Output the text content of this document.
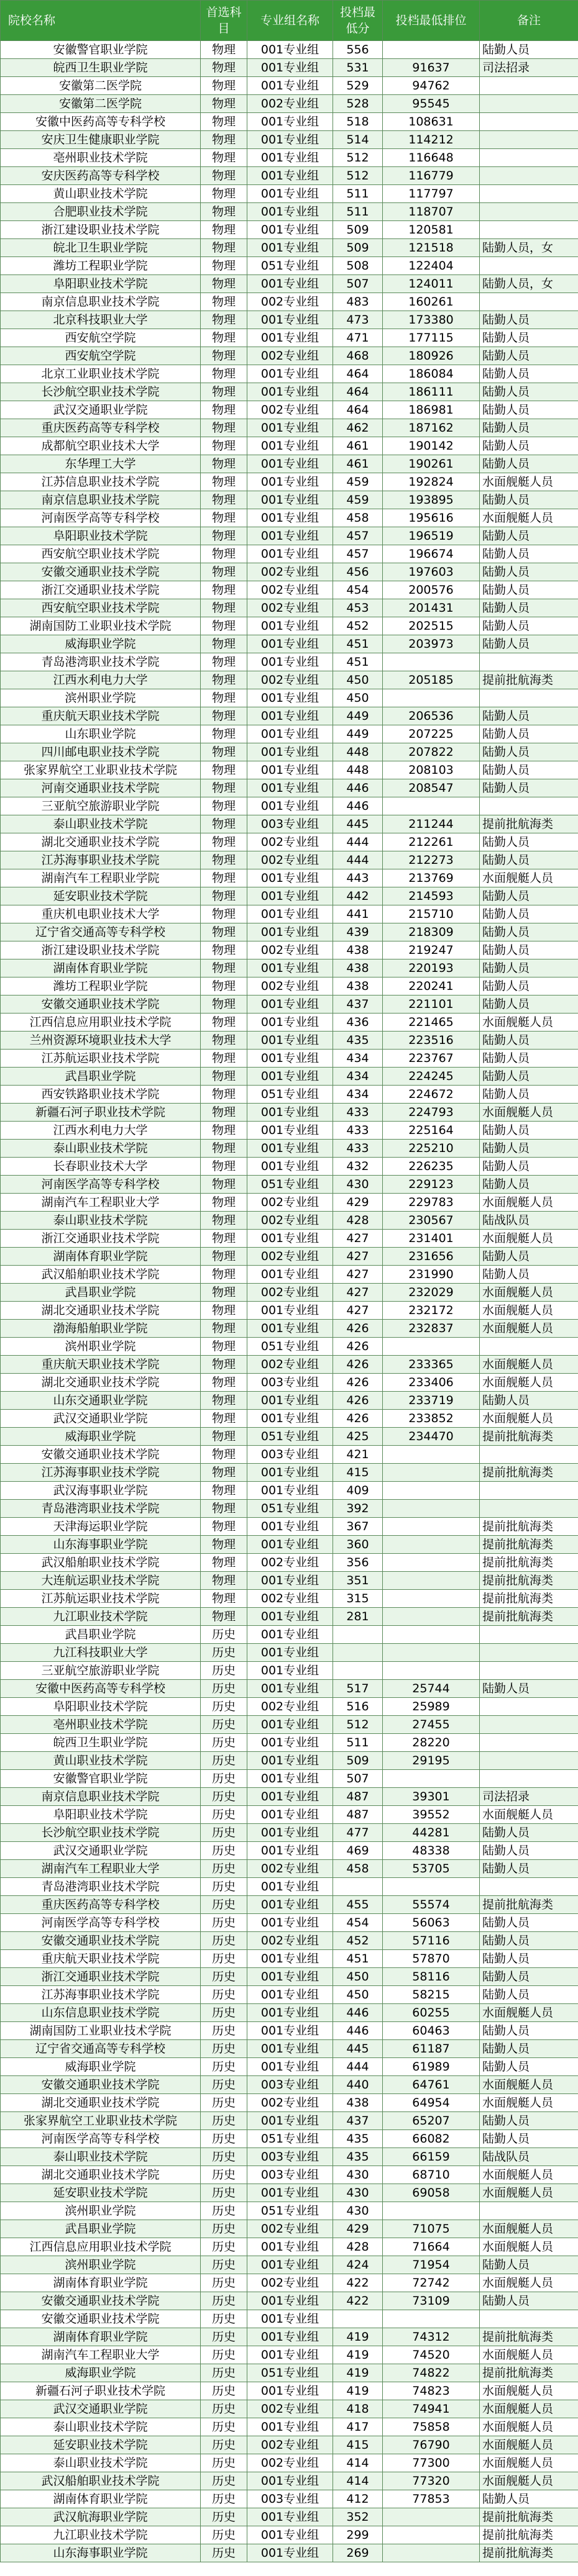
院校名称	首选科目	专业组名称	投档最低分	投档最低排位	备注
安徽警官职业学院	物理	001专业组	556		陆勤人员
皖西卫生职业学院	物理	001专业组	531	91637	司法招录
安徽第二医学院	物理	001专业组	529	94762	
安徽第二医学院	物理	002专业组	528	95545	
安徽中医药高等专科学校	物理	001专业组	518	108631	
安庆卫生健康职业学院	物理	001专业组	514	114212	
亳州职业技术学院	物理	001专业组	512	116648	
安庆医药高等专科学校	物理	001专业组	512	116779	
黄山职业技术学院	物理	001专业组	511	117797	
合肥职业技术学院	物理	001专业组	511	118707	
浙江建设职业技术学院	物理	001专业组	509	120581	
皖北卫生职业学院	物理	001专业组	509	121518	陆勤人员，女
潍坊工程职业学院	物理	051专业组	508	122404	
阜阳职业技术学院	物理	001专业组	507	124011	陆勤人员，女
南京信息职业技术学院	物理	002专业组	483	160261	
北京科技职业大学	物理	001专业组	473	173380	陆勤人员
西安航空学院	物理	001专业组	471	177115	陆勤人员
西安航空学院	物理	002专业组	468	180926	陆勤人员
北京工业职业技术学院	物理	001专业组	464	186084	陆勤人员
长沙航空职业技术学院	物理	001专业组	464	186111	陆勤人员
武汉交通职业学院	物理	002专业组	464	186981	陆勤人员
重庆医药高等专科学校	物理	001专业组	462	187162	陆勤人员
成都航空职业技术大学	物理	001专业组	461	190142	陆勤人员
东华理工大学	物理	001专业组	461	190261	陆勤人员
江苏信息职业技术学院	物理	001专业组	459	192824	水面舰艇人员
南京信息职业技术学院	物理	001专业组	459	193895	陆勤人员
河南医学高等专科学校	物理	001专业组	458	195616	水面舰艇人员
阜阳职业技术学院	物理	001专业组	457	196519	陆勤人员
西安航空职业技术学院	物理	001专业组	457	196674	陆勤人员
安徽交通职业技术学院	物理	002专业组	456	197603	陆勤人员
浙江交通职业技术学院	物理	002专业组	454	200576	陆勤人员
西安航空职业技术学院	物理	002专业组	453	201431	陆勤人员
湖南国防工业职业技术学院	物理	001专业组	452	202515	陆勤人员
威海职业学院	物理	001专业组	451	203973	陆勤人员
青岛港湾职业技术学院	物理	001专业组	451		
江西水利电力大学	物理	002专业组	450	205185	提前批航海类
滨州职业学院	物理	001专业组	450		
重庆航天职业技术学院	物理	001专业组	449	206536	陆勤人员
山东职业学院	物理	001专业组	449	207225	陆勤人员
四川邮电职业技术学院	物理	001专业组	448	207822	陆勤人员
张家界航空工业职业技术学院	物理	001专业组	448	208103	陆勤人员
河南交通职业技术学院	物理	001专业组	446	208547	陆勤人员
三亚航空旅游职业学院	物理	001专业组	446		
泰山职业技术学院	物理	003专业组	445	211244	提前批航海类
湖北交通职业技术学院	物理	002专业组	444	212261	陆勤人员
江苏海事职业技术学院	物理	002专业组	444	212273	陆勤人员
湖南汽车工程职业学院	物理	001专业组	443	213769	水面舰艇人员
延安职业技术学院	物理	001专业组	442	214593	陆勤人员
重庆机电职业技术大学	物理	001专业组	441	215710	陆勤人员
辽宁省交通高等专科学校	物理	001专业组	439	218309	陆勤人员
浙江建设职业技术学院	物理	002专业组	438	219247	陆勤人员
湖南体育职业学院	物理	001专业组	438	220193	陆勤人员
潍坊工程职业学院	物理	002专业组	438	220241	陆勤人员
安徽交通职业技术学院	物理	001专业组	437	221101	陆勤人员
江西信息应用职业技术学院	物理	001专业组	436	221465	水面舰艇人员
兰州资源环境职业技术大学	物理	001专业组	435	223516	陆勤人员
江苏航运职业技术学院	物理	001专业组	434	223767	陆勤人员
武昌职业学院	物理	001专业组	434	224245	陆勤人员
西安铁路职业技术学院	物理	051专业组	434	224672	陆勤人员
新疆石河子职业技术学院	物理	001专业组	433	224793	水面舰艇人员
江西水利电力大学	物理	001专业组	433	225164	陆勤人员
泰山职业技术学院	物理	001专业组	433	225210	陆勤人员
长春职业技术大学	物理	001专业组	432	226235	陆勤人员
河南医学高等专科学校	物理	051专业组	430	229123	陆勤人员
湖南汽车工程职业大学	物理	002专业组	429	229783	水面舰艇人员
泰山职业技术学院	物理	002专业组	428	230567	陆战队员
浙江交通职业技术学院	物理	001专业组	427	231401	水面舰艇人员
湖南体育职业学院	物理	002专业组	427	231656	陆勤人员
武汉船舶职业技术学院	物理	001专业组	427	231990	陆勤人员
武昌职业学院	物理	002专业组	427	232029	水面舰艇人员
湖北交通职业技术学院	物理	001专业组	427	232172	水面舰艇人员
渤海船舶职业学院	物理	001专业组	426	232837	水面舰艇人员
滨州职业学院	物理	051专业组	426		
重庆航天职业技术学院	物理	002专业组	426	233365	水面舰艇人员
湖北交通职业技术学院	物理	003专业组	426	233406	水面舰艇人员
山东交通职业学院	物理	001专业组	426	233719	陆勤人员
武汉交通职业学院	物理	001专业组	426	233852	水面舰艇人员
威海职业学院	物理	051专业组	425	234470	提前批航海类
安徽交通职业技术学院	物理	003专业组	421		
江苏海事职业技术学院	物理	001专业组	415		提前批航海类
武汉海事职业学院	物理	001专业组	409		
青岛港湾职业技术学院	物理	051专业组	392		
天津海运职业学院	物理	001专业组	367		提前批航海类
山东海事职业学院	物理	001专业组	360		提前批航海类
武汉船舶职业技术学院	物理	002专业组	356		提前批航海类
大连航运职业技术学院	物理	001专业组	351		提前批航海类
江苏航运职业技术学院	物理	002专业组	315		提前批航海类
九江职业技术学院	物理	001专业组	281		提前批航海类
武昌职业学院	历史	001专业组			
九江科技职业大学	历史	001专业组			
三亚航空旅游职业学院	历史	001专业组			
安徽中医药高等专科学校	历史	001专业组	517	25744	陆勤人员
阜阳职业技术学院	历史	002专业组	516	25989	
亳州职业技术学院	历史	001专业组	512	27455	
皖西卫生职业学院	历史	001专业组	511	28220	
黄山职业技术学院	历史	001专业组	509	29195	
安徽警官职业学院	历史	001专业组	507		
南京信息职业技术学院	历史	001专业组	487	39301	司法招录
阜阳职业技术学院	历史	001专业组	487	39552	水面舰艇人员
长沙航空职业技术学院	历史	001专业组	477	44281	陆勤人员
武汉交通职业学院	历史	001专业组	469	48338	陆勤人员
湖南汽车工程职业大学	历史	002专业组	458	53705	陆勤人员
青岛港湾职业技术学院	历史	001专业组			
重庆医药高等专科学校	历史	001专业组	455	55574	提前批航海类
河南医学高等专科学校	历史	001专业组	454	56063	陆勤人员
安徽交通职业技术学院	历史	002专业组	452	57116	陆勤人员
重庆航天职业技术学院	历史	001专业组	451	57870	陆勤人员
浙江交通职业技术学院	历史	001专业组	450	58116	陆勤人员
江苏海事职业技术学院	历史	001专业组	450	58215	陆勤人员
山东信息职业技术学院	历史	001专业组	446	60255	水面舰艇人员
湖南国防工业职业技术学院	历史	001专业组	446	60463	陆勤人员
辽宁省交通高等专科学校	历史	001专业组	445	61187	陆勤人员
威海职业学院	历史	001专业组	444	61989	陆勤人员
安徽交通职业技术学院	历史	003专业组	440	64761	水面舰艇人员
湖北交通职业技术学院	历史	002专业组	438	64954	水面舰艇人员
张家界航空工业职业技术学院	历史	001专业组	437	65207	陆勤人员
河南医学高等专科学校	历史	051专业组	435	66082	陆勤人员
泰山职业技术学院	历史	003专业组	435	66159	陆战队员
湖北交通职业技术学院	历史	003专业组	430	68710	水面舰艇人员
延安职业技术学院	历史	001专业组	430	69058	水面舰艇人员
滨州职业学院	历史	051专业组	430		
武昌职业学院	历史	002专业组	429	71075	水面舰艇人员
江西信息应用职业技术学院	历史	001专业组	428	71664	水面舰艇人员
滨州职业学院	历史	001专业组	424	71954	陆勤人员
湖南体育职业学院	历史	002专业组	422	72742	水面舰艇人员
安徽交通职业技术学院	历史	001专业组	422	73109	陆勤人员
安徽交通职业技术学院	历史	001专业组			
湖南体育职业学院	历史	001专业组	419	74312	提前批航海类
湖南汽车工程职业大学	历史	001专业组	419	74520	水面舰艇人员
威海职业学院	历史	051专业组	419	74822	提前批航海类
新疆石河子职业技术学院	历史	001专业组	419	74823	水面舰艇人员
武汉交通职业学院	历史	002专业组	418	74941	水面舰艇人员
泰山职业技术学院	历史	001专业组	417	75858	水面舰艇人员
延安职业技术学院	历史	002专业组	415	76790	水面舰艇人员
泰山职业技术学院	历史	002专业组	414	77300	水面舰艇人员
武汉船舶职业技术学院	历史	001专业组	414	77320	水面舰艇人员
湖南体育职业学院	历史	003专业组	412	77853	陆勤人员
武汉航海职业学院	历史	001专业组	352		提前批航海类
九江职业技术学院	历史	001专业组	299		提前批航海类
山东海事职业学院	历史	001专业组	269		提前批航海类
